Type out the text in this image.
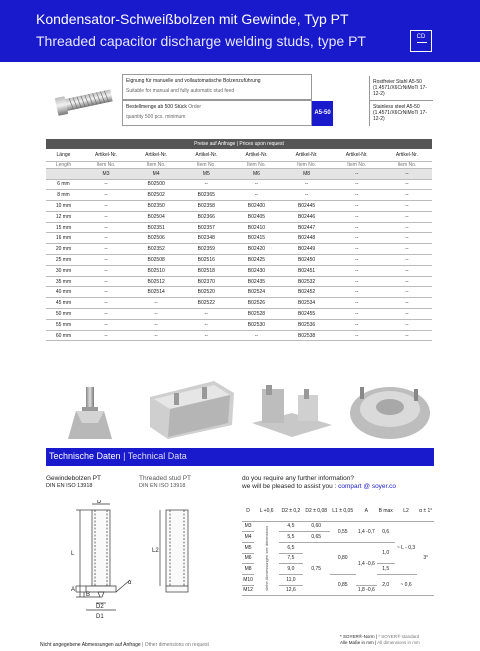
Kondensator-Schweißbolzen mit Gewinde, Typ PT
Threaded capacitor discharge welding studs, type PT	CD
Eignung für manuelle und vollautomatische Bolzenzuführung
Suitable for manual and fully automatic stud feed
Bestellmenge ab 500 Stück Order
quantity 500 pcs. minimum
A5-50
Rostfreier Stahl A5-50
(1.4571/X6CrNiMoTi 17-12-2)
Stainless steel A5-50
(1.4571/X6CrNiMoTi 17-12-2)
Preise auf Anfrage | Prices upon request							
Länge	Artikel-Nr.	Artikel-Nr.	Artikel-Nr.	Artikel-Nr.	Artikel-Nr.	Artikel-Nr.	Artikel-Nr.
Length	Item No.	Item No.	Item No.	Item No.	Item No.	Item No.	Item No.
	M3	M4	M5	M6	M8	--	--
6 mm	--	B02500	--	--	--	--	--
8 mm	--	B02502	B02365	--	--	--	--
10 mm	--	B02350	B02358	B02400	B02445	--	--
12 mm	--	B02504	B02366	B02405	B02446	--	--
15 mm	--	B02351	B02357	B02410	B02447	--	--
16 mm	--	B02506	B02348	B02415	B02448	--	--
20 mm	--	B02352	B02359	B02420	B02449	--	--
25 mm	--	B02508	B02516	B02425	B02450	--	--
30 mm	--	B02510	B02518	B02430	B02451	--	--
35 mm	--	B02512	B02370	B02435	B02532	--	--
40 mm	--	B02514	B02520	B02524	B02452	--	--
45 mm	--	--	B02522	B02526	B02534	--	--
50 mm	--	--	--	B02528	B02455	--	--
55 mm	--	--	--	B02530	B02536	--	--
60 mm	--	--	--	--	B02538	--	--
Technische Daten | Technical Data
Gewindebolzen PT
DIN EN ISO 13918
Threaded stud PT
DIN EN ISO 13918
do you require any further information?
we will be pleased to assist you : compart @ soyer.co
D
L
A
B
D2
D1
α
L2
D	L +0,6	D2 ± 0,2	D2 ± 0,08	L1 ± 0,05	A	B max	L2	α ± 1°
M3	siehe Abmessungen see dimensions	4,5	0,60	0,55	1,4 -0,7	0,6	~ L - 0,3	3°
M4		5,5	0,65					
M5		6,5	0,75	0,80	1,4 -0,6	1,0		
M6		7,5						
M8		9,0				1,5		
M10		11,0		0,85		2,0	~ 0,6	
M12		12,6			1,8 -0,6			
Nicht angegebene Abmessungen auf Anfrage | Other dimensions on request
* SOYER®-Norm | * SOYER® standard
Alle Maße in mm | All dimensions in mm
